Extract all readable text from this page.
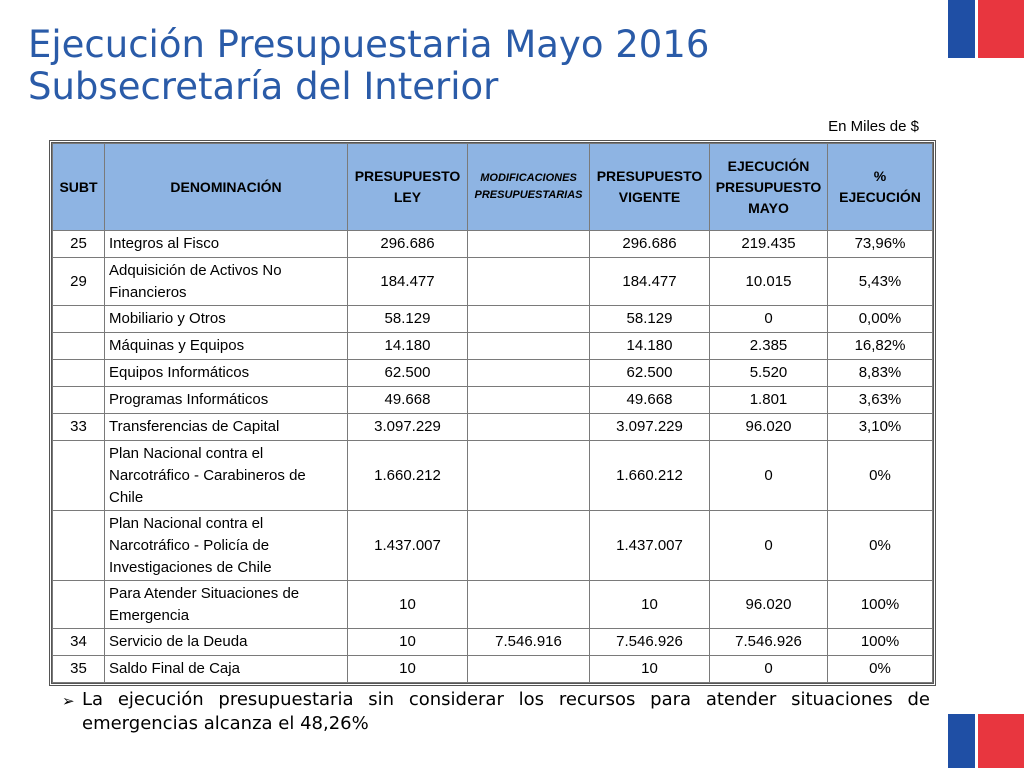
Ejecución Presupuestaria Mayo 2016
Subsecretaría del Interior
En Miles de $
SUBT	DENOMINACIÓN	PRESUPUESTO LEY	MODIFICACIONES PRESUPUESTARIAS	PRESUPUESTO VIGENTE	EJECUCIÓN PRESUPUESTO MAYO	% EJECUCIÓN
25	Integros al Fisco	296.686		296.686	219.435	73,96%
29	Adquisición de Activos No Financieros	184.477		184.477	10.015	5,43%
	Mobiliario y Otros	58.129		58.129	0	0,00%
	Máquinas y Equipos	14.180		14.180	2.385	16,82%
	Equipos Informáticos	62.500		62.500	5.520	8,83%
	Programas Informáticos	49.668		49.668	1.801	3,63%
33	Transferencias de Capital	3.097.229		3.097.229	96.020	3,10%
	Plan Nacional contra el Narcotráfico - Carabineros de Chile	1.660.212		1.660.212	0	0%
	Plan Nacional contra el Narcotráfico - Policía de Investigaciones de Chile	1.437.007		1.437.007	0	0%
	Para Atender Situaciones de Emergencia	10		10	96.020	100%
34	Servicio de la Deuda	10	7.546.916	7.546.926	7.546.926	100%
35	Saldo Final de Caja	10		10	0	0%
➢ La ejecución presupuestaria sin considerar los recursos para atender situaciones de emergencias alcanza el 48,26%
